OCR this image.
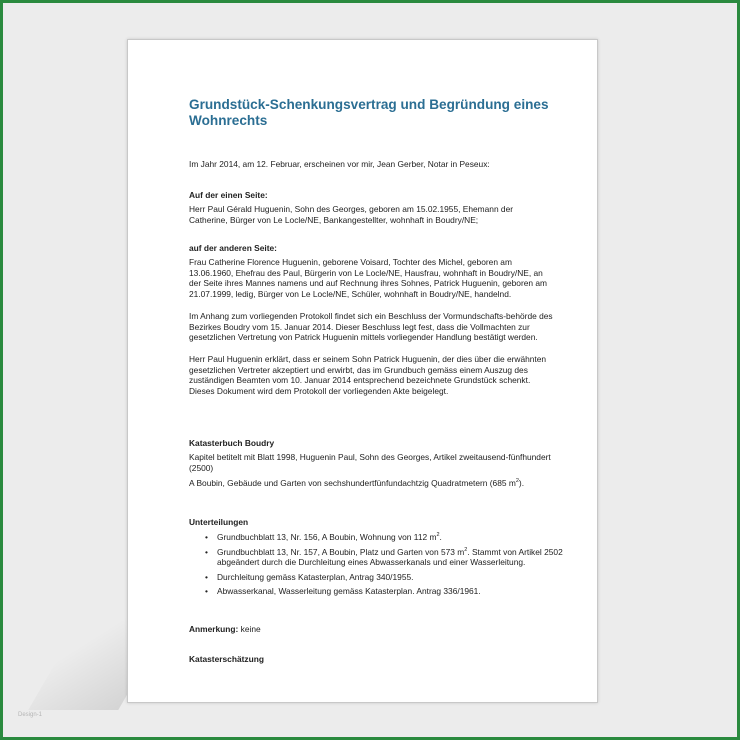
Grundstück-Schenkungsvertrag und Begründung eines Wohnrechts

Im Jahr 2014, am 12. Februar, erscheinen vor mir, Jean Gerber, Notar in Peseux:

Auf der einen Seite:

Herr Paul Gérald Huguenin, Sohn des Georges, geboren am 15.02.1955, Ehemann der Catherine, Bürger von Le Locle/NE, Bankangestellter, wohnhaft in Boudry/NE;

auf der anderen Seite:

Frau Catherine Florence Huguenin, geborene Voisard, Tochter des Michel, geboren am 13.06.1960, Ehefrau des Paul, Bürgerin von Le Locle/NE, Hausfrau, wohnhaft in Boudry/NE, an der Seite ihres Mannes namens und auf Rechnung ihres Sohnes, Patrick Huguenin, geboren am 21.07.1999, ledig, Bürger von Le Locle/NE, Schüler, wohnhaft in Boudry/NE, handelnd.

Im Anhang zum vorliegenden Protokoll findet sich ein Beschluss der Vormundschafts-behörde des Bezirkes Boudry vom 15. Januar 2014. Dieser Beschluss legt fest, dass die Vollmachten zur gesetzlichen Vertretung von Patrick Huguenin mittels vorliegender Handlung bestätigt werden.

Herr Paul Huguenin erklärt, dass er seinem Sohn Patrick Huguenin, der dies über die erwähnten gesetzlichen Vertreter akzeptiert und erwirbt, das im Grundbuch gemäss einem Auszug des zuständigen Beamten vom 10. Januar 2014 entsprechend bezeichnete Grundstück schenkt. Dieses Dokument wird dem Protokoll der vorliegenden Akte beigelegt.

Katasterbuch Boudry

Kapitel betitelt mit Blatt 1998, Huguenin Paul, Sohn des Georges, Artikel zweitausend-fünfhundert (2500)

A Boubin, Gebäude und Garten von sechshundertfünfundachtzig Quadratmetern (685 $m^2$).

Unterteilungen

• Grundbuchblatt 13, Nr. 156, A Boubin, Wohnung von 112 $m^2$.
• Grundbuchblatt 13, Nr. 157, A Boubin, Platz und Garten von 573 $m^2$. Stammt von Artikel 2502 abgeändert durch die Durchleitung eines Abwasserkanals und einer Wasserleitung.
• Durchleitung gemäss Katasterplan, Antrag 340/1955.
• Abwasserkanal, Wasserleitung gemäss Katasterplan. Antrag 336/1961.

Anmerkung: keine

Katasterschätzung

Design-1
